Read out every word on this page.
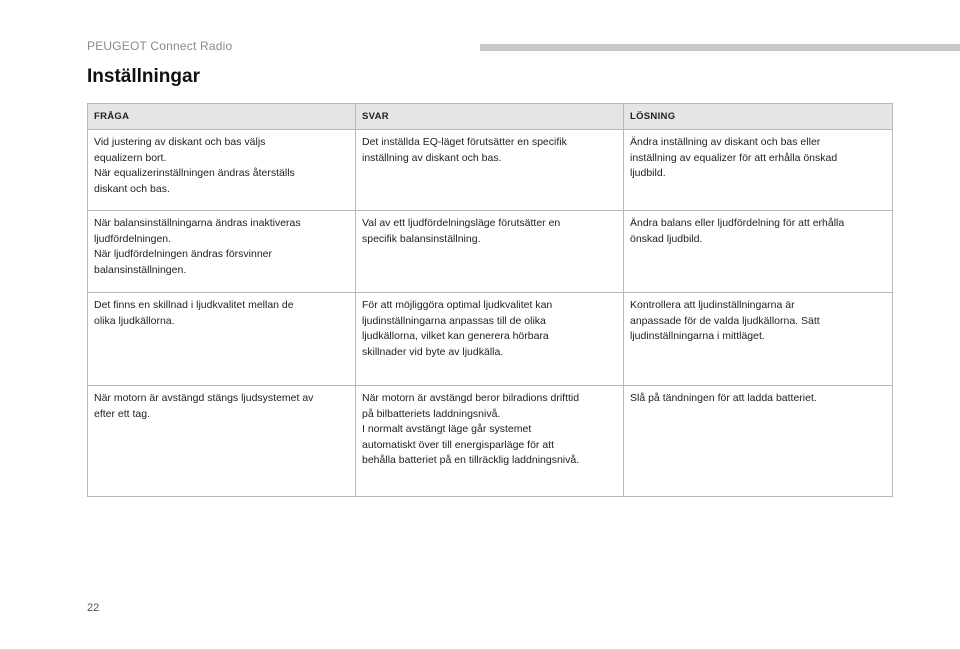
PEUGEOT Connect Radio
Inställningar
FRÅGA	SVAR	LÖSNING

Vid justering av diskant och bas väljs
equalizern bort.
När equalizerinställningen ändras återställs
diskant och bas.	Det inställda EQ-läget förutsätter en specifik
inställning av diskant och bas.	Ändra inställning av diskant och bas eller
inställning av equalizer för att erhålla önskad
ljudbild.

När balansinställningarna ändras inaktiveras
ljudfördelningen.
När ljudfördelningen ändras försvinner
balansinställningen.	Val av ett ljudfördelningsläge förutsätter en
specifik balansinställning.	Ändra balans eller ljudfördelning för att erhålla
önskad ljudbild.

Det finns en skillnad i ljudkvalitet mellan de
olika ljudkällorna.	För att möjliggöra optimal ljudkvalitet kan
ljudinställningarna anpassas till de olika
ljudkällorna, vilket kan generera hörbara
skillnader vid byte av ljudkälla.	Kontrollera att ljudinställningarna är
anpassade för de valda ljudkällorna. Sätt
ljudinställningarna i mittläget.

När motorn är avstängd stängs ljudsystemet av
efter ett tag.	När motorn är avstängd beror bilradions drifttid
på bilbatteriets laddningsnivå.
I normalt avstängt läge går systemet
automatiskt över till energisparläge för att
behålla batteriet på en tillräcklig laddningsnivå.	Slå på tändningen för att ladda batteriet.
22
